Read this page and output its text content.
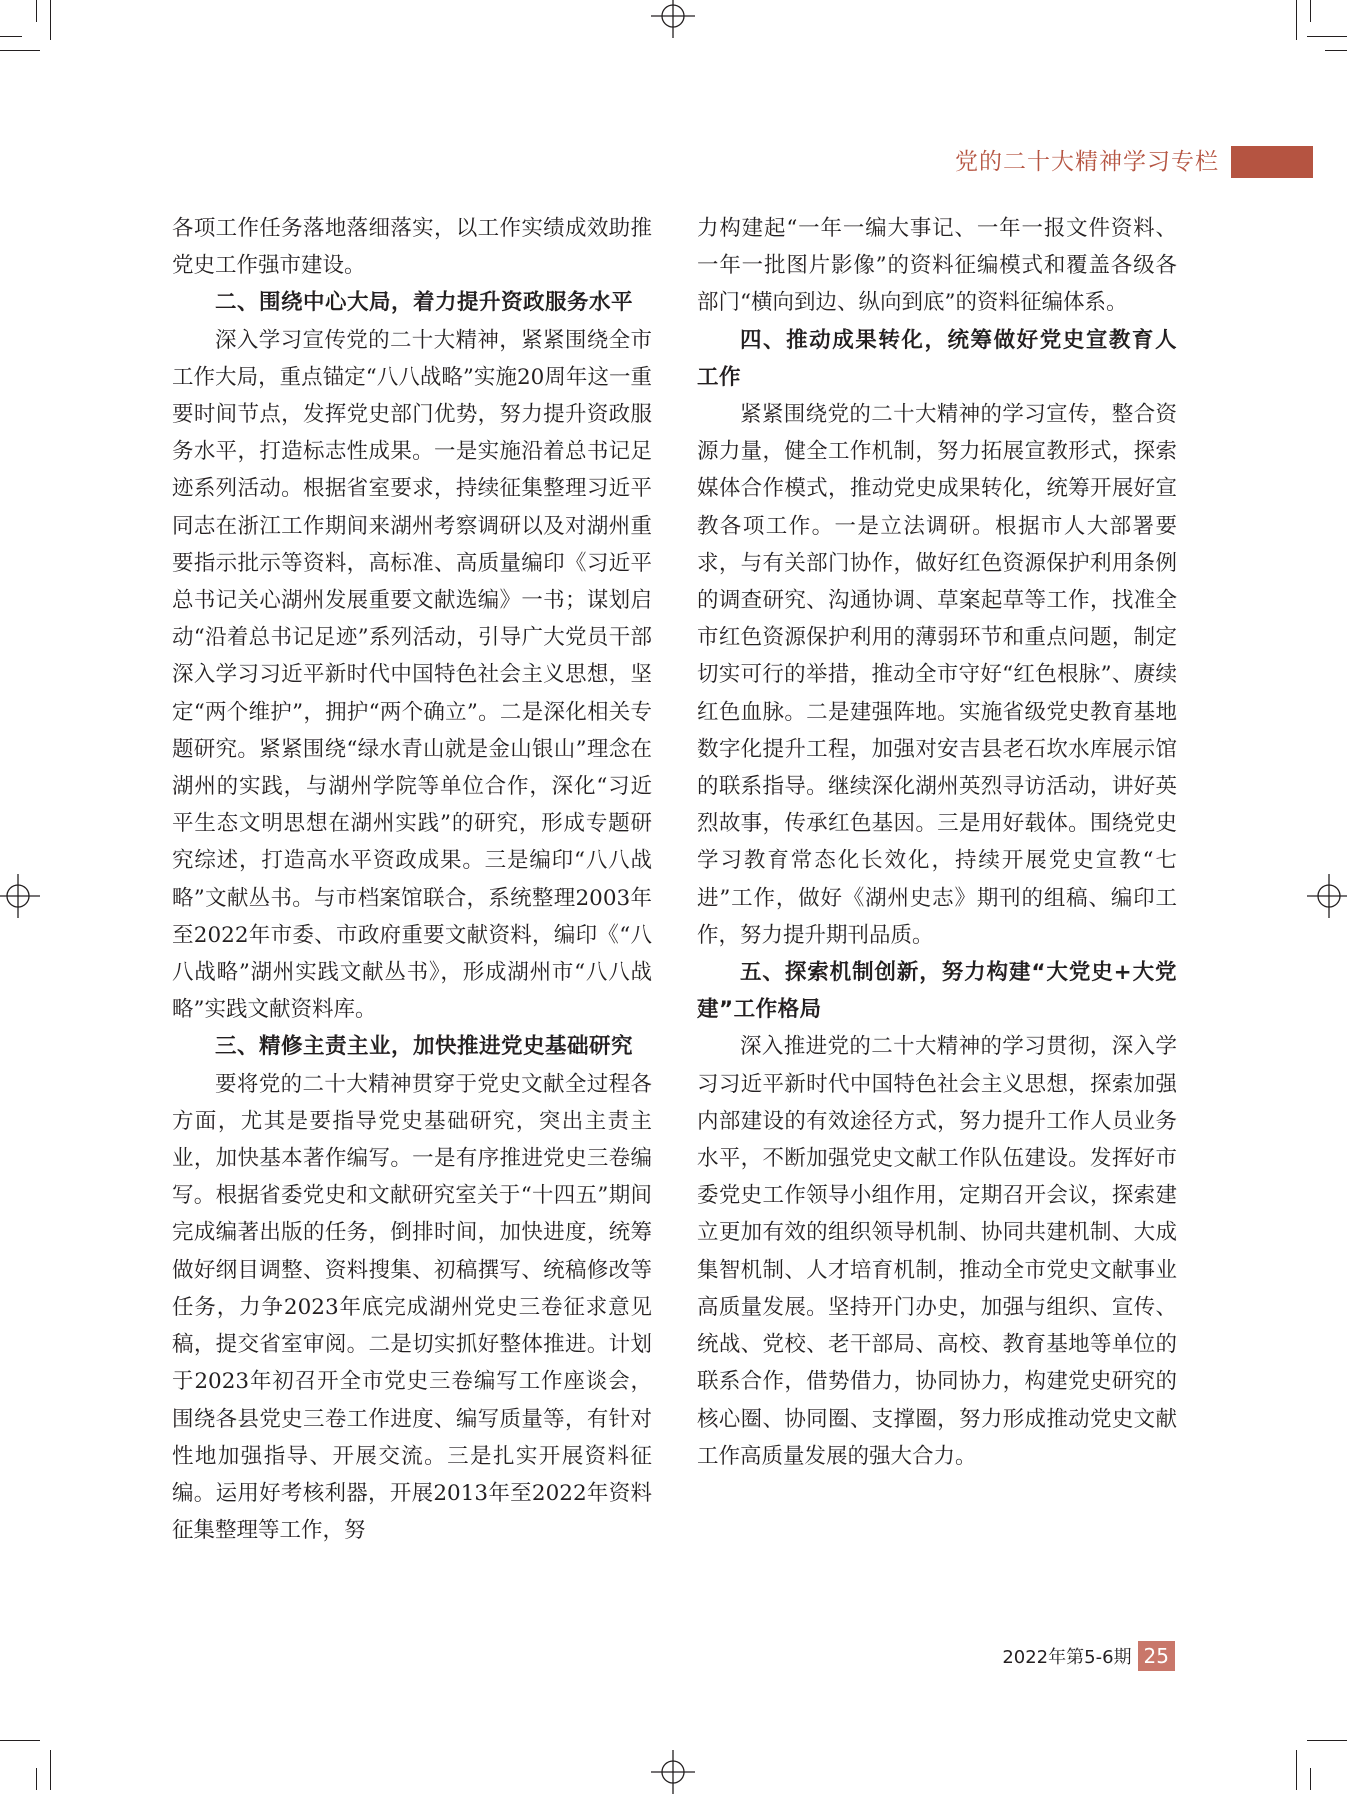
党的二十大精神学习专栏

各项工作任务落地落细落实，以工作实绩成效助推党史工作强市建设。

二、围绕中心大局，着力提升资政服务水平

深入学习宣传党的二十大精神，紧紧围绕全市工作大局，重点锚定“八八战略”实施20周年这一重要时间节点，发挥党史部门优势，努力提升资政服务水平，打造标志性成果。一是实施沿着总书记足迹系列活动。根据省室要求，持续征集整理习近平同志在浙江工作期间来湖州考察调研以及对湖州重要指示批示等资料，高标准、高质量编印《习近平总书记关心湖州发展重要文献选编》一书；谋划启动“沿着总书记足迹”系列活动，引导广大党员干部深入学习习近平新时代中国特色社会主义思想，坚定“两个维护”，拥护“两个确立”。二是深化相关专题研究。紧紧围绕“绿水青山就是金山银山”理念在湖州的实践，与湖州学院等单位合作，深化“习近平生态文明思想在湖州实践”的研究，形成专题研究综述，打造高水平资政成果。三是编印“八八战略”文献丛书。与市档案馆联合，系统整理2003年至2022年市委、市政府重要文献资料，编印《“八八战略”湖州实践文献丛书》，形成湖州市“八八战略”实践文献资料库。

三、精修主责主业，加快推进党史基础研究

要将党的二十大精神贯穿于党史文献全过程各方面，尤其是要指导党史基础研究，突出主责主业，加快基本著作编写。一是有序推进党史三卷编写。根据省委党史和文献研究室关于“十四五”期间完成编著出版的任务，倒排时间，加快进度，统筹做好纲目调整、资料搜集、初稿撰写、统稿修改等任务，力争2023年底完成湖州党史三卷征求意见稿，提交省室审阅。二是切实抓好整体推进。计划于2023年初召开全市党史三卷编写工作座谈会，围绕各县党史三卷工作进度、编写质量等，有针对性地加强指导、开展交流。三是扎实开展资料征编。运用好考核利器，开展2013年至2022年资料征集整理等工作，努

力构建起“一年一编大事记、一年一报文件资料、一年一批图片影像”的资料征编模式和覆盖各级各部门“横向到边、纵向到底”的资料征编体系。

四、推动成果转化，统筹做好党史宣教育人工作

紧紧围绕党的二十大精神的学习宣传，整合资源力量，健全工作机制，努力拓展宣教形式，探索媒体合作模式，推动党史成果转化，统筹开展好宣教各项工作。一是立法调研。根据市人大部署要求，与有关部门协作，做好红色资源保护利用条例的调查研究、沟通协调、草案起草等工作，找准全市红色资源保护利用的薄弱环节和重点问题，制定切实可行的举措，推动全市守好“红色根脉”、赓续红色血脉。二是建强阵地。实施省级党史教育基地数字化提升工程，加强对安吉县老石坎水库展示馆的联系指导。继续深化湖州英烈寻访活动，讲好英烈故事，传承红色基因。三是用好载体。围绕党史学习教育常态化长效化，持续开展党史宣教“七进”工作，做好《湖州史志》期刊的组稿、编印工作，努力提升期刊品质。

五、探索机制创新，努力构建“大党史+大党建”工作格局

深入推进党的二十大精神的学习贯彻，深入学习习近平新时代中国特色社会主义思想，探索加强内部建设的有效途径方式，努力提升工作人员业务水平，不断加强党史文献工作队伍建设。发挥好市委党史工作领导小组作用，定期召开会议，探索建立更加有效的组织领导机制、协同共建机制、大成集智机制、人才培育机制，推动全市党史文献事业高质量发展。坚持开门办史，加强与组织、宣传、统战、党校、老干部局、高校、教育基地等单位的联系合作，借势借力，协同协力，构建党史研究的核心圈、协同圈、支撑圈，努力形成推动党史文献工作高质量发展的强大合力。

2022年第5-6期 25
